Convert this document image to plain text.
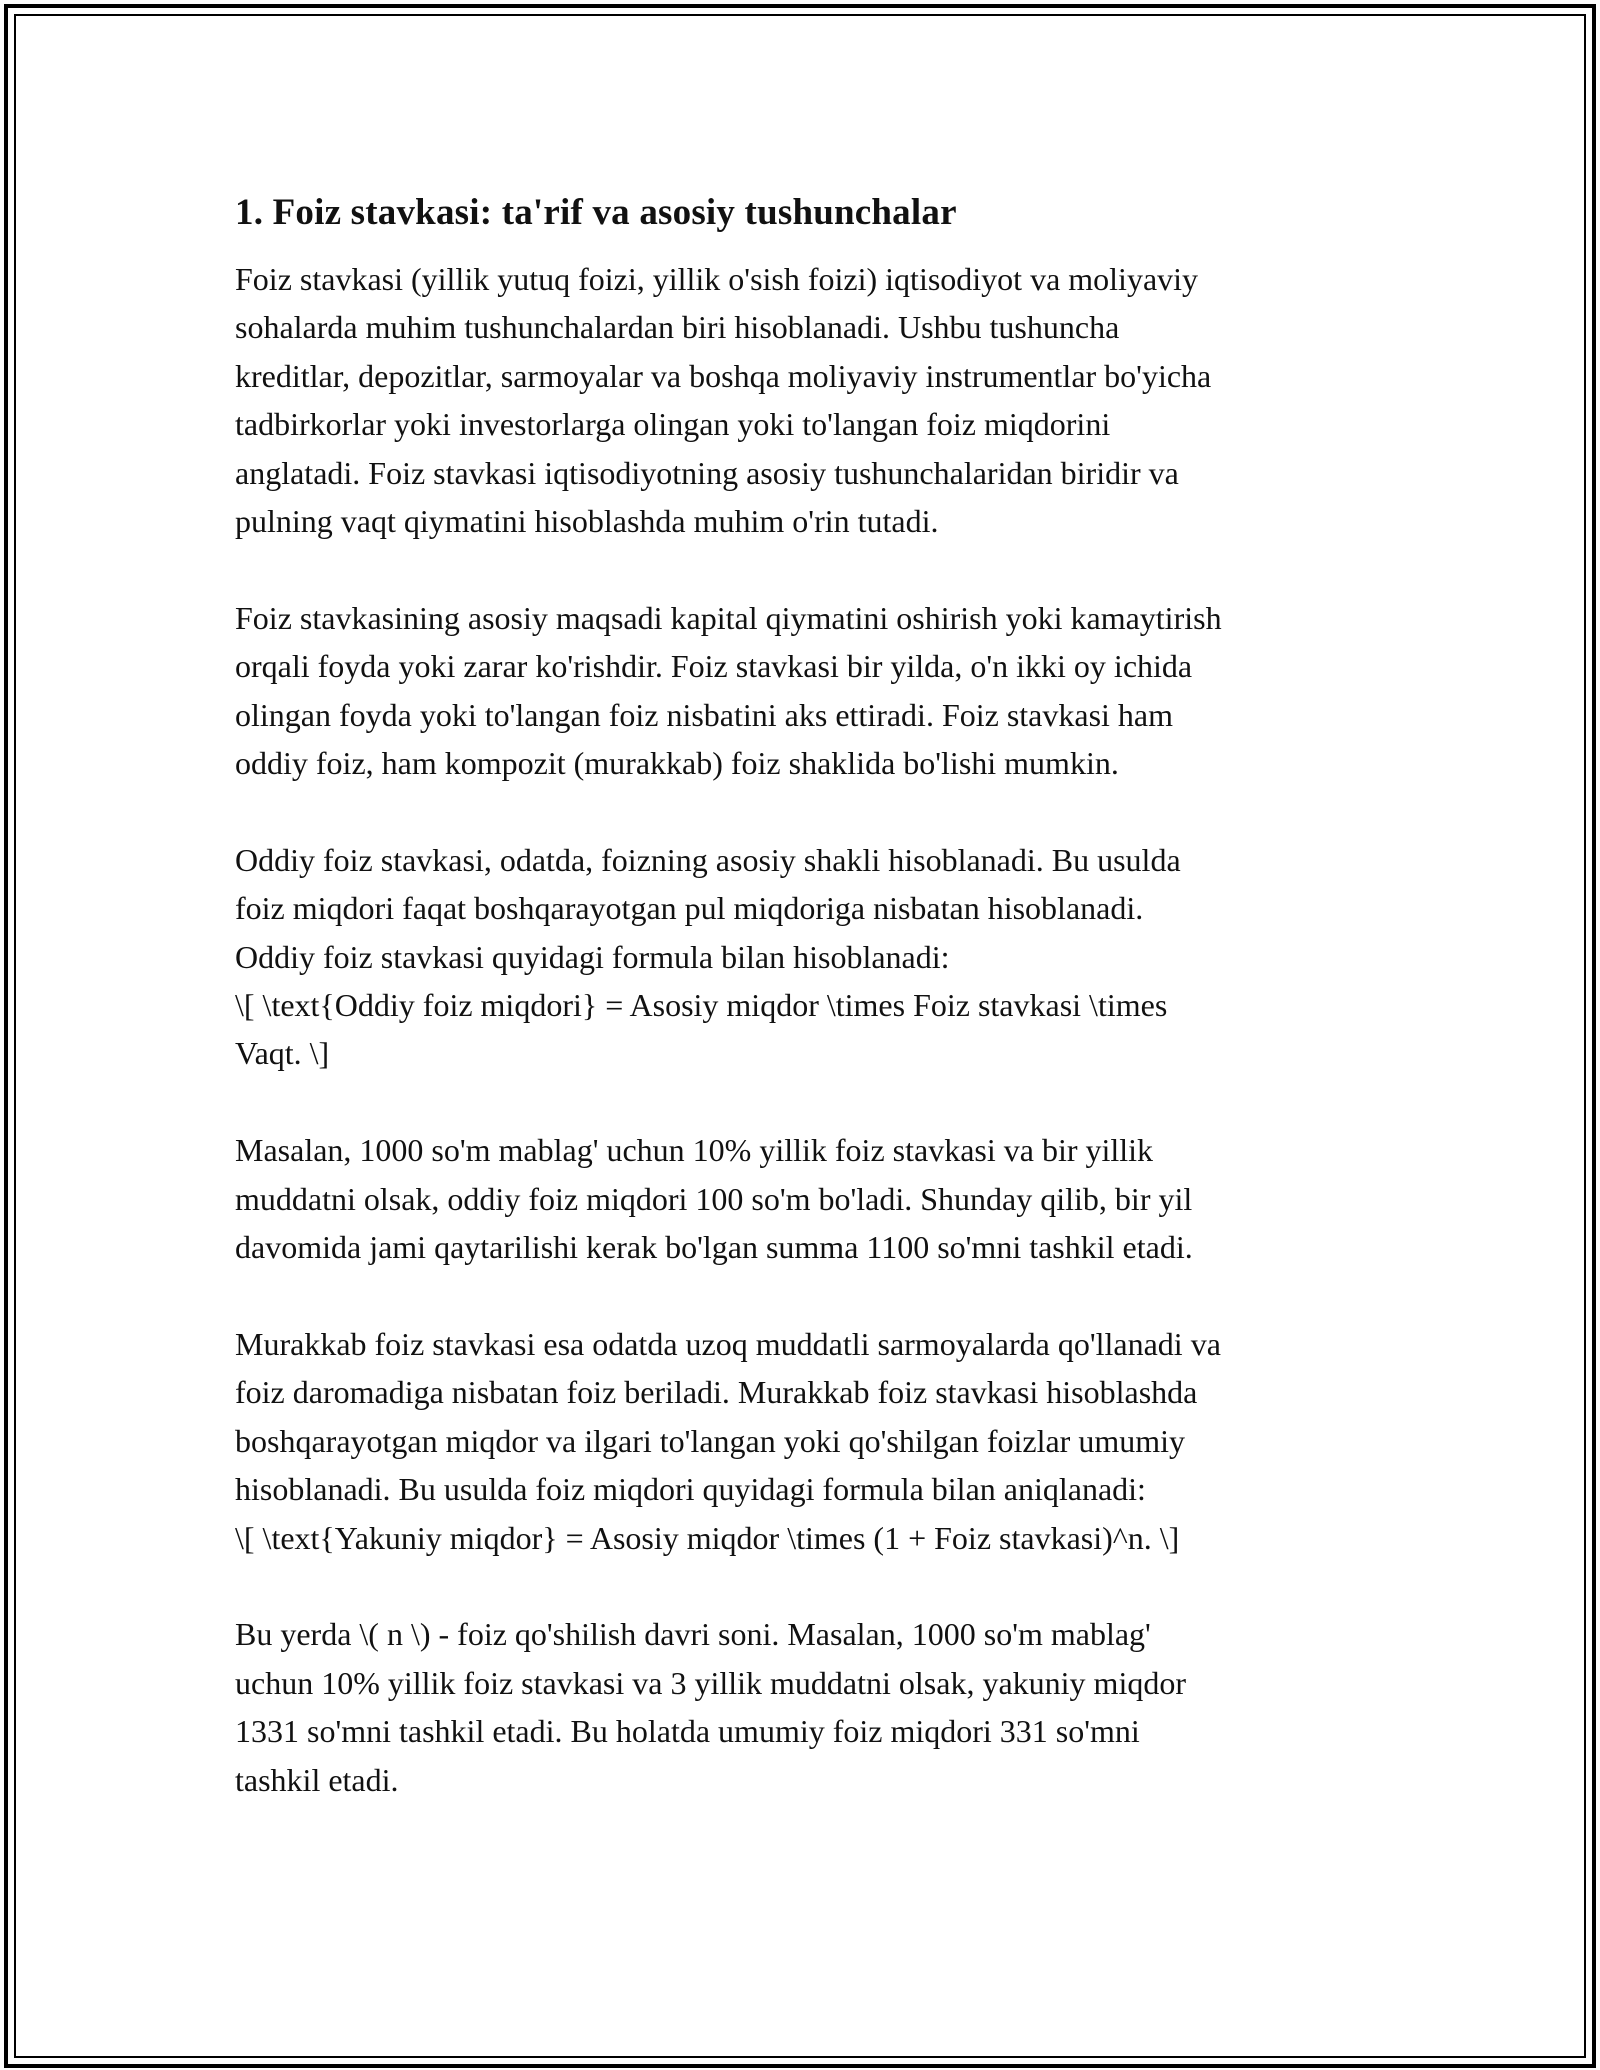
1. Foiz stavkasi: ta'rif va asosiy tushunchalar
Foiz stavkasi (yillik yutuq foizi, yillik o'sish foizi) iqtisodiyot va moliyaviy
sohalarda muhim tushunchalardan biri hisoblanadi. Ushbu tushuncha
kreditlar, depozitlar, sarmoyalar va boshqa moliyaviy instrumentlar bo'yicha
tadbirkorlar yoki investorlarga olingan yoki to'langan foiz miqdorini
anglatadi. Foiz stavkasi iqtisodiyotning asosiy tushunchalaridan biridir va
pulning vaqt qiymatini hisoblashda muhim o'rin tutadi.
Foiz stavkasining asosiy maqsadi kapital qiymatini oshirish yoki kamaytirish
orqali foyda yoki zarar ko'rishdir. Foiz stavkasi bir yilda, o'n ikki oy ichida
olingan foyda yoki to'langan foiz nisbatini aks ettiradi. Foiz stavkasi ham
oddiy foiz, ham kompozit (murakkab) foiz shaklida bo'lishi mumkin.
Oddiy foiz stavkasi, odatda, foizning asosiy shakli hisoblanadi. Bu usulda
foiz miqdori faqat boshqarayotgan pul miqdoriga nisbatan hisoblanadi.
Oddiy foiz stavkasi quyidagi formula bilan hisoblanadi:
\[ \text{Oddiy foiz miqdori} = Asosiy miqdor \times Foiz stavkasi \times
Vaqt. \]
Masalan, 1000 so'm mablag' uchun 10% yillik foiz stavkasi va bir yillik
muddatni olsak, oddiy foiz miqdori 100 so'm bo'ladi. Shunday qilib, bir yil
davomida jami qaytarilishi kerak bo'lgan summa 1100 so'mni tashkil etadi.
Murakkab foiz stavkasi esa odatda uzoq muddatli sarmoyalarda qo'llanadi va
foiz daromadiga nisbatan foiz beriladi. Murakkab foiz stavkasi hisoblashda
boshqarayotgan miqdor va ilgari to'langan yoki qo'shilgan foizlar umumiy
hisoblanadi. Bu usulda foiz miqdori quyidagi formula bilan aniqlanadi:
\[ \text{Yakuniy miqdor} = Asosiy miqdor \times (1 + Foiz stavkasi)^n. \]
Bu yerda \( n \) - foiz qo'shilish davri soni. Masalan, 1000 so'm mablag'
uchun 10% yillik foiz stavkasi va 3 yillik muddatni olsak, yakuniy miqdor
1331 so'mni tashkil etadi. Bu holatda umumiy foiz miqdori 331 so'mni
tashkil etadi.
